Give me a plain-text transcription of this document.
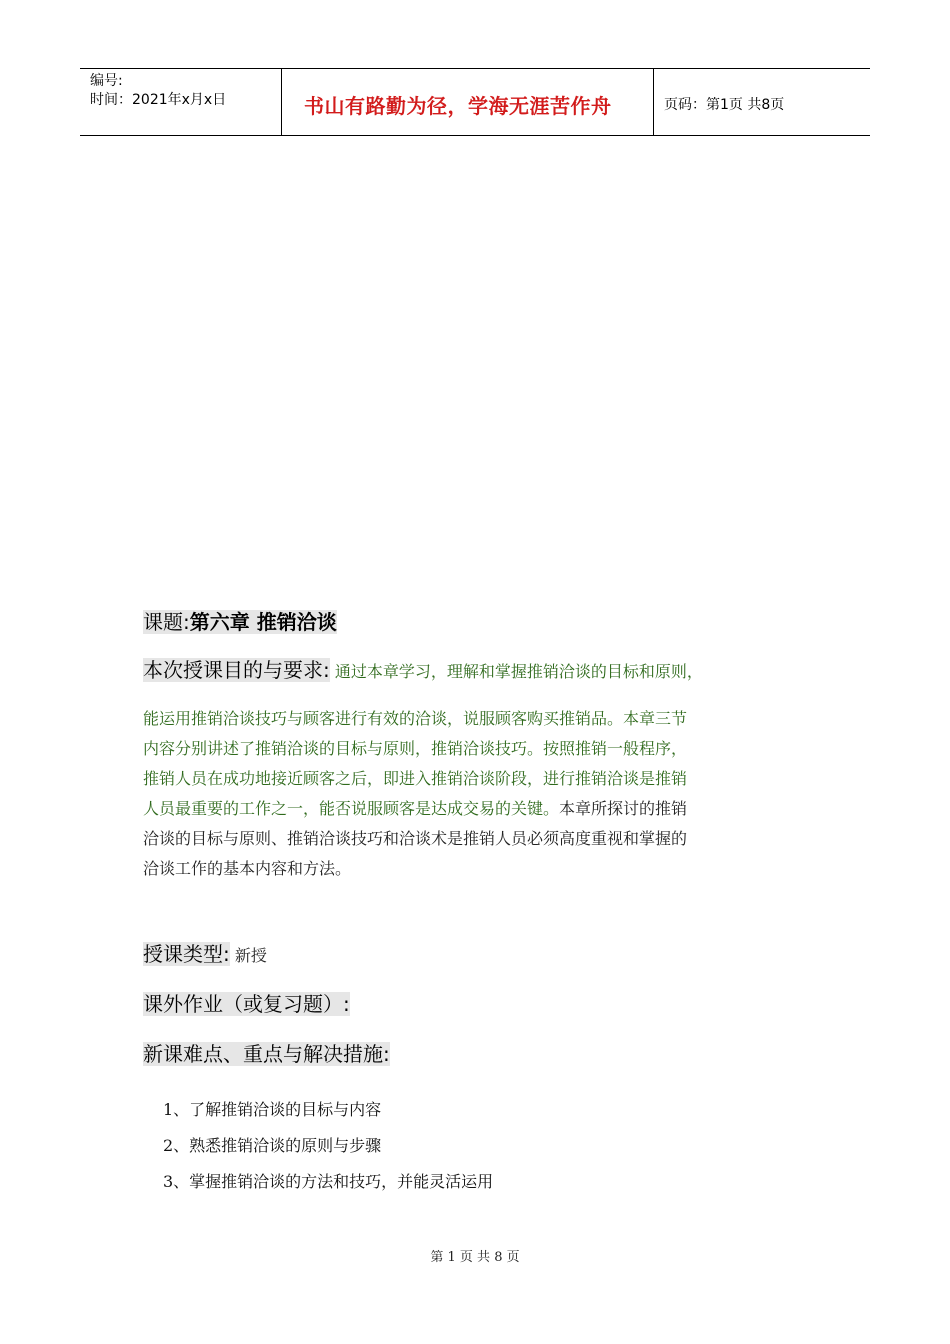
编号:
时间：2021年x月x日	书山有路勤为径，学海无涯苦作舟	页码：第1页 共8页
课题:第六章 推销洽谈
本次授课目的与要求: 通过本章学习，理解和掌握推销洽谈的目标和原则，
能运用推销洽谈技巧与顾客进行有效的洽谈，说服顾客购买推销品。本章三节
内容分别讲述了推销洽谈的目标与原则，推销洽谈技巧。按照推销一般程序，
推销人员在成功地接近顾客之后，即进入推销洽谈阶段，进行推销洽谈是推销
人员最重要的工作之一，能否说服顾客是达成交易的关键。本章所探讨的推销
洽谈的目标与原则、推销洽谈技巧和洽谈术是推销人员必须高度重视和掌握的
洽谈工作的基本内容和方法。
授课类型: 新授
课外作业（或复习题）:
新课难点、重点与解决措施:
1、了解推销洽谈的目标与内容
2、熟悉推销洽谈的原则与步骤
3、掌握推销洽谈的方法和技巧，并能灵活运用
第 1 页 共 8 页
